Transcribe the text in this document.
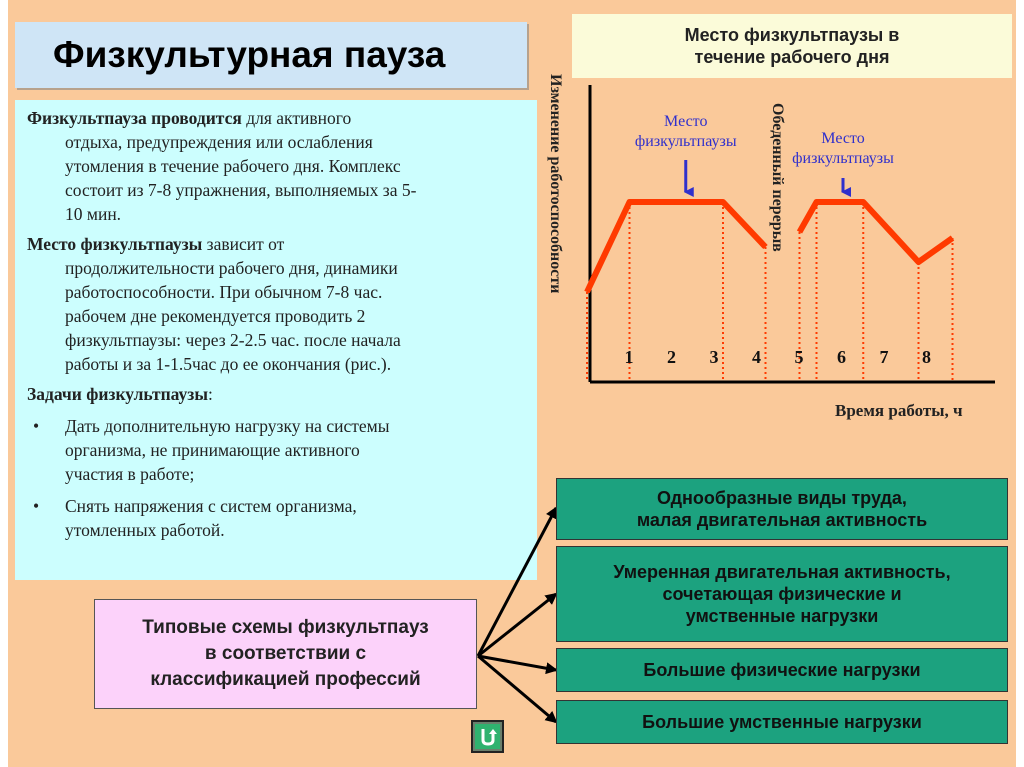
Физкультурная пауза
Физкультпауза проводится для активного
отдыха, предупреждения или ослабления
утомления в течение рабочего дня. Комплекс
состоит из 7-8 упражнения, выполняемых за 5-
10 мин.
Место физкультпаузы зависит от
продолжительности рабочего дня, динамики
работоспособности. При обычном 7-8 час.
рабочем дне рекомендуется проводить 2
физкультпаузы: через 2-2.5 час. после начала
работы и за 1-1.5час до ее окончания (рис.).
Задачи физкультпаузы:
• Дать дополнительную нагрузку на системы
организма, не принимающие активного
участия в работе;
• Снять напряжения с систем организма,
утомленных работой.
Место физкультпаузы в
течение рабочего дня
Изменение работоспособности
Время работы, ч
Обеденный перерыв
1 2 3 4 5 6 7 8
Место
физкультпаузы	Место
физкультпаузы
Типовые схемы физкультпауз
в соответствии с
классификацией профессий
Однообразные виды труда,
малая двигательная активность
Умеренная двигательная активность,
сочетающая физические и
умственные нагрузки
Большие физические нагрузки
Большие умственные нагрузки
